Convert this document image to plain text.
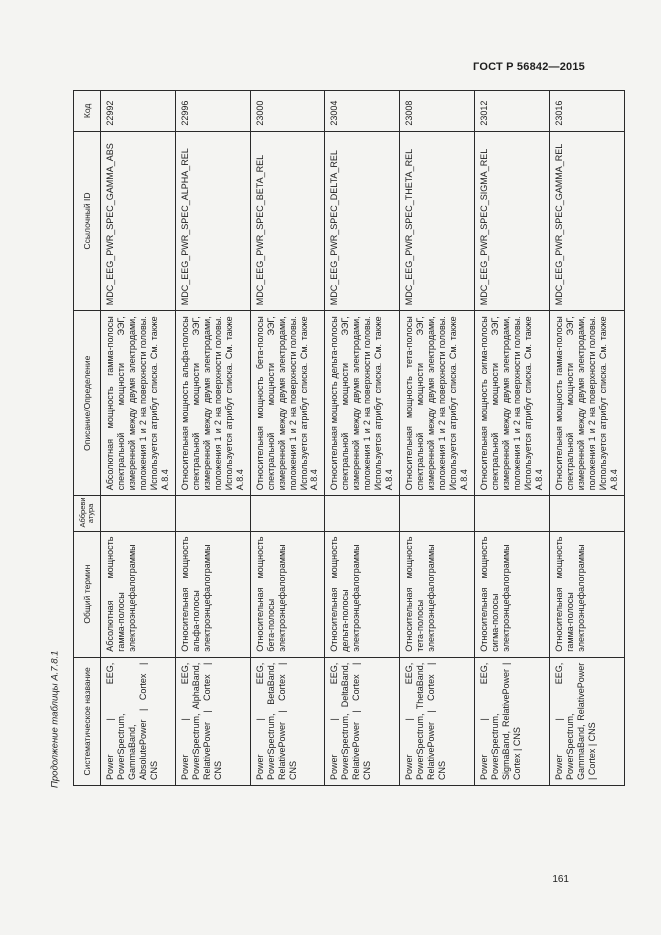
ГОСТ Р 56842—2015
Продолжение таблицы А.7.8.1	Систематическое название	Общий термин	Аббреви атура	Описание/Определение	Ссылочный ID	Код
Power | EEG, PowerSpectrum, GammaBand, AbsolutePower | Cortex | CNS	Абсолютная мощность гамма-полосы электроэнцефалограммы		Абсолютная мощность гамма-полосы спектральной мощности ЭЭГ, измеренной между двумя электродами, положения 1 и 2 на поверхности головы. Используется атрибут списка. См. также А.8.4	MDC_EEG_PWR_SPEC_GAMMA_ABS	22992
Power | EEG, PowerSpectrum, AlphaBand, RelativePower | Cortex | CNS	Относительная мощность альфа-полосы электроэнцефалограммы		Относительная мощность альфа-полосы спектральной мощности ЭЭГ, измеренной между двумя электродами, положения 1 и 2 на поверхности головы. Используется атрибут списка. См. также А.8.4	MDC_EEG_PWR_SPEC_ALPHA_REL	22996
Power | EEG, PowerSpectrum, BetaBand, RelativePower | Cortex | CNS	Относительная мощность бета-полосы электроэнцефалограммы		Относительная мощность бета-полосы спектральной мощности ЭЭГ, измеренной между двумя электродами, положения 1 и 2 на поверхности головы. Используется атрибут списка. См. также А.8.4	MDC_EEG_PWR_SPEC_BETA_REL	23000
Power | EEG, PowerSpectrum, DeltaBand, RelativePower | Cortex | CNS	Относительная мощность дельта-полосы электроэнцефалограммы		Относительная мощность дельта-полосы спектральной мощности ЭЭГ, измеренной между двумя электродами, положения 1 и 2 на поверхности головы. Используется атрибут списка. См. также А.8.4	MDC_EEG_PWR_SPEC_DELTA_REL	23004
Power | EEG, PowerSpectrum, ThetaBand, RelativePower | Cortex | CNS	Относительная мощность тета-полосы электроэнцефалограммы		Относительная мощность тета-полосы спектральной мощности ЭЭГ, измеренной между двумя электродами, положения 1 и 2 на поверхности головы. Используется атрибут списка. См. также А.8.4	MDC_EEG_PWR_SPEC_THETA_REL	23008
Power | EEG, PowerSpectrum, SigmaBand, RelativePower | Cortex | CNS	Относительная мощность сигма-полосы электроэнцефалограммы		Относительная мощность сигма-полосы спектральной мощности ЭЭГ, измеренной между двумя электродами, положения 1 и 2 на поверхности головы. Используется атрибут списка. См. также А.8.4	MDC_EEG_PWR_SPEC_SIGMA_REL	23012
Power | EEG, PowerSpectrum, GammaBand, RelativePower | Cortex | CNS	Относительная мощность гамма-полосы электроэнцефалограммы		Относительная мощность гамма-полосы спектральной мощности ЭЭГ, измеренной между двумя электродами, положения 1 и 2 на поверхности головы. Используется атрибут списка. См. также А.8.4	MDC_EEG_PWR_SPEC_GAMMA_REL	23016
161
